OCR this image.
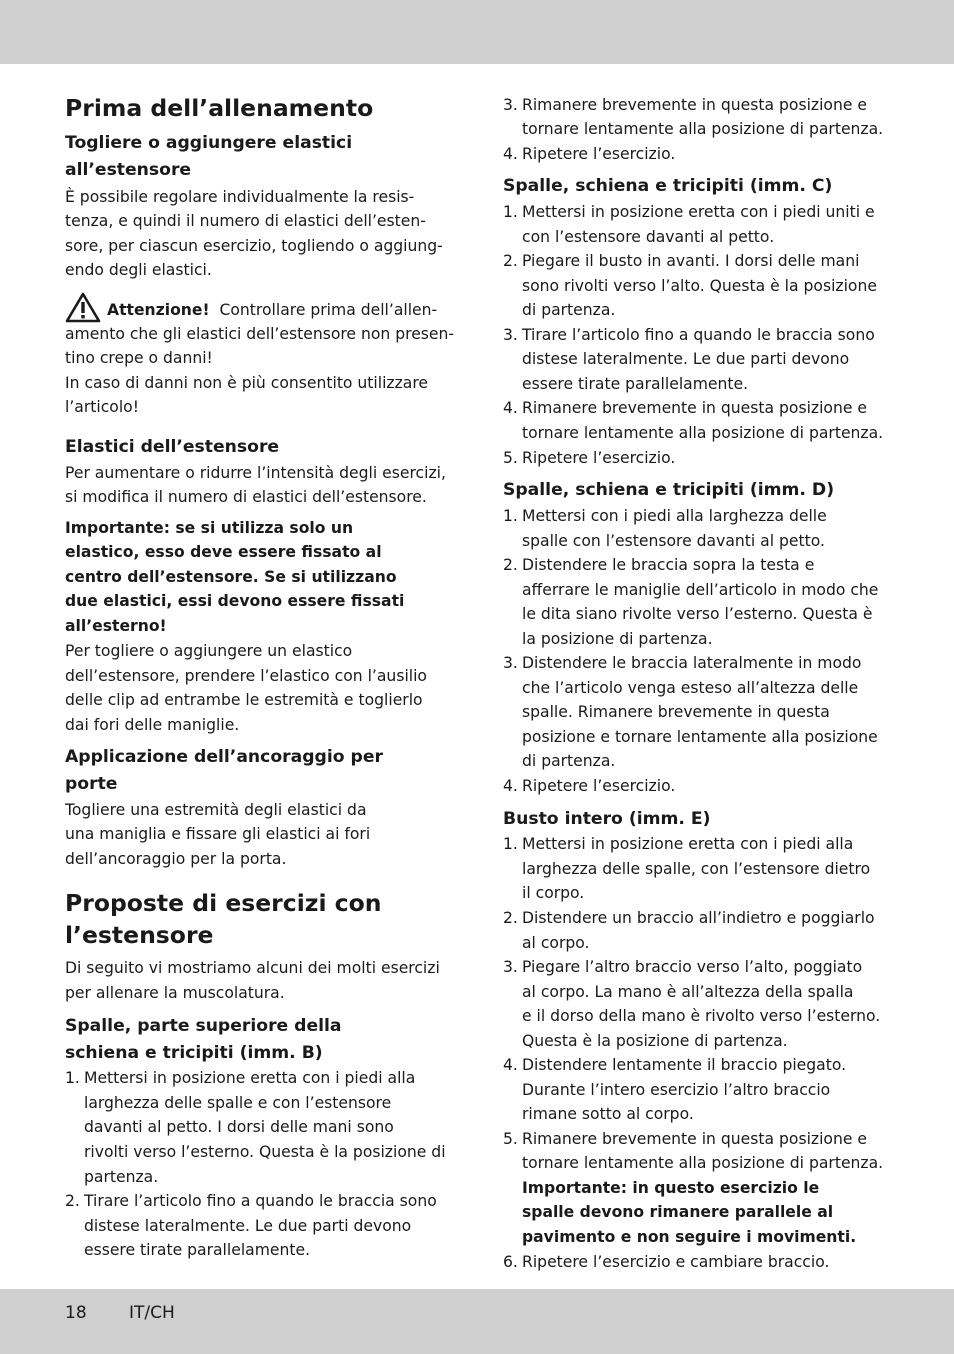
Prima dell’allenamento
Togliere o aggiungere elastici
all’estensore
È possibile regolare individualmente la resis-
tenza, e quindi il numero di elastici dell’esten-
sore, per ciascun esercizio, togliendo o aggiung-
endo degli elastici.
Attenzione! Controllare prima dell’allen-
amento che gli elastici dell’estensore non presen-
tino crepe o danni!
In caso di danni non è più consentito utilizzare
l’articolo!
Elastici dell’estensore
Per aumentare o ridurre l’intensità degli esercizi,
si modifica il numero di elastici dell’estensore.
Importante: se si utilizza solo un
elastico, esso deve essere fissato al
centro dell’estensore. Se si utilizzano
due elastici, essi devono essere fissati
all’esterno!
Per togliere o aggiungere un elastico
dell’estensore, prendere l’elastico con l’ausilio
delle clip ad entrambe le estremità e toglierlo
dai fori delle maniglie.
Applicazione dell’ancoraggio per
porte
Togliere una estremità degli elastici da
una maniglia e fissare gli elastici ai fori
dell’ancoraggio per la porta.
Proposte di esercizi con
l’estensore
Di seguito vi mostriamo alcuni dei molti esercizi
per allenare la muscolatura.
Spalle, parte superiore della
schiena e tricipiti (imm. B)
1. Mettersi in posizione eretta con i piedi alla
larghezza delle spalle e con l’estensore
davanti al petto. I dorsi delle mani sono
rivolti verso l’esterno. Questa è la posizione di
partenza.
2. Tirare l’articolo fino a quando le braccia sono
distese lateralmente. Le due parti devono
essere tirate parallelamente.
3. Rimanere brevemente in questa posizione e
tornare lentamente alla posizione di partenza.
4. Ripetere l’esercizio.
Spalle, schiena e tricipiti (imm. C)
1. Mettersi in posizione eretta con i piedi uniti e
con l’estensore davanti al petto.
2. Piegare il busto in avanti. I dorsi delle mani
sono rivolti verso l’alto. Questa è la posizione
di partenza.
3. Tirare l’articolo fino a quando le braccia sono
distese lateralmente. Le due parti devono
essere tirate parallelamente.
4. Rimanere brevemente in questa posizione e
tornare lentamente alla posizione di partenza.
5. Ripetere l’esercizio.
Spalle, schiena e tricipiti (imm. D)
1. Mettersi con i piedi alla larghezza delle
spalle con l’estensore davanti al petto.
2. Distendere le braccia sopra la testa e
afferrare le maniglie dell’articolo in modo che
le dita siano rivolte verso l’esterno. Questa è
la posizione di partenza.
3. Distendere le braccia lateralmente in modo
che l’articolo venga esteso all’altezza delle
spalle. Rimanere brevemente in questa
posizione e tornare lentamente alla posizione
di partenza.
4. Ripetere l’esercizio.
Busto intero (imm. E)
1. Mettersi in posizione eretta con i piedi alla
larghezza delle spalle, con l’estensore dietro
il corpo.
2. Distendere un braccio all’indietro e poggiarlo
al corpo.
3. Piegare l’altro braccio verso l’alto, poggiato
al corpo. La mano è all’altezza della spalla
e il dorso della mano è rivolto verso l’esterno.
Questa è la posizione di partenza.
4. Distendere lentamente il braccio piegato.
Durante l’intero esercizio l’altro braccio
rimane sotto al corpo.
5. Rimanere brevemente in questa posizione e
tornare lentamente alla posizione di partenza.
Importante: in questo esercizio le
spalle devono rimanere parallele al
pavimento e non seguire i movimenti.
6. Ripetere l’esercizio e cambiare braccio.
18 IT/CH
